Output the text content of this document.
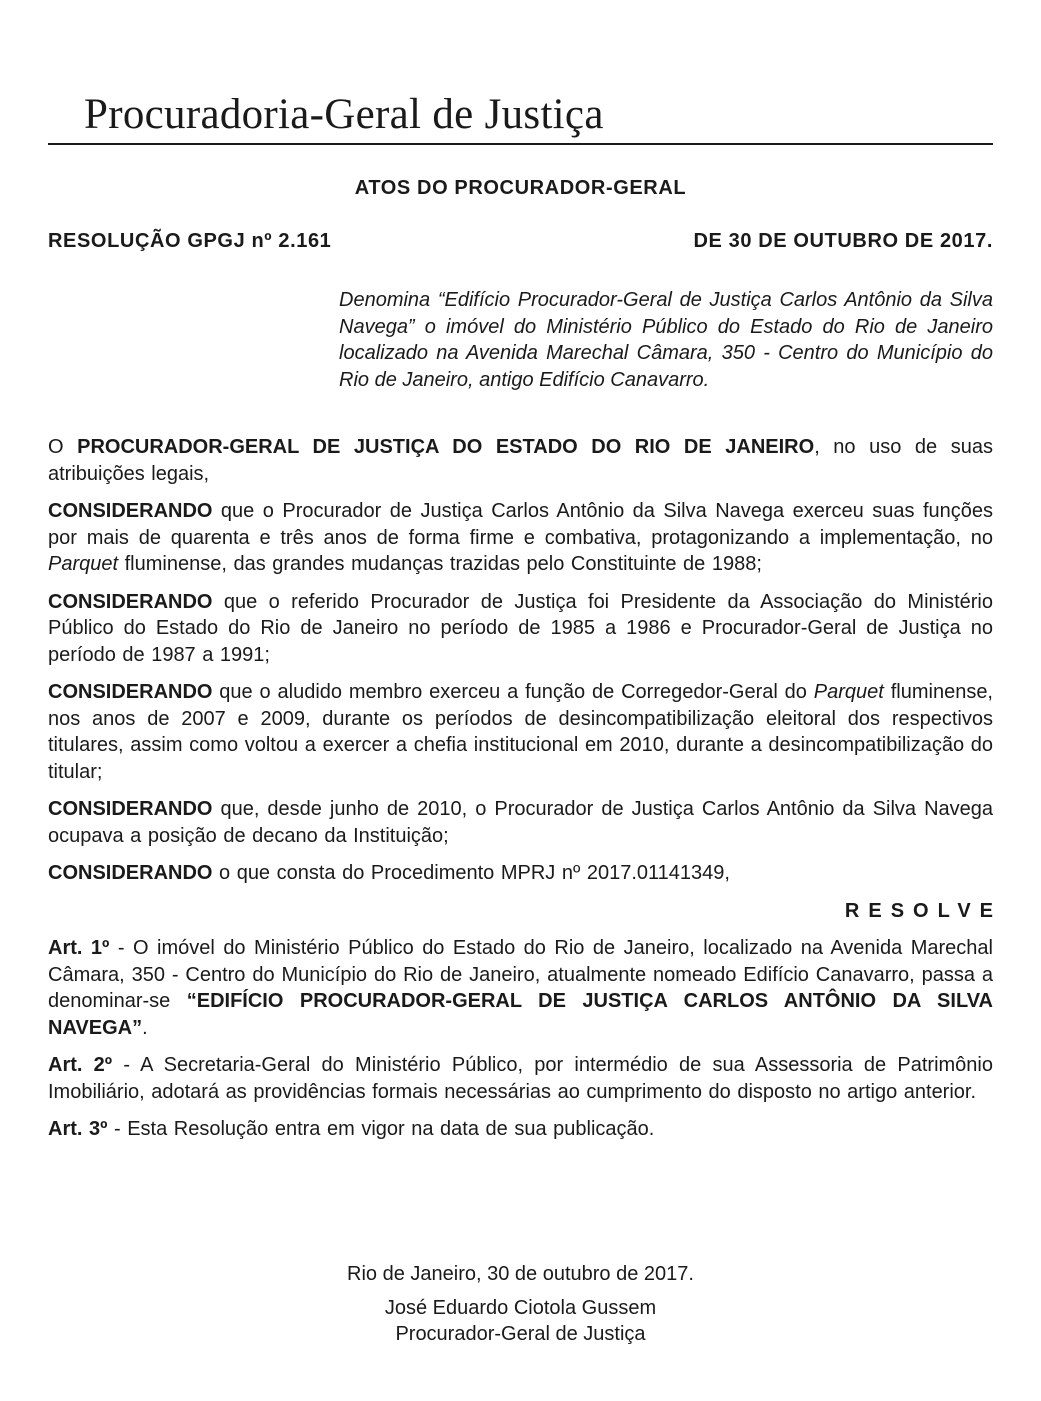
Procuradoria-Geral de Justiça
ATOS DO PROCURADOR-GERAL
RESOLUÇÃO GPGJ nº 2.161	DE 30 DE OUTUBRO DE 2017.

Denomina “Edifício Procurador-Geral de Justiça Carlos Antônio da Silva Navega” o imóvel do Ministério Público do Estado do Rio de Janeiro localizado na Avenida Marechal Câmara, 350 - Centro do Município do Rio de Janeiro, antigo Edifício Canavarro.

O PROCURADOR-GERAL DE JUSTIÇA DO ESTADO DO RIO DE JANEIRO, no uso de suas atribuições legais,

CONSIDERANDO que o Procurador de Justiça Carlos Antônio da Silva Navega exerceu suas funções por mais de quarenta e três anos de forma firme e combativa, protagonizando a implementação, no Parquet fluminense, das grandes mudanças trazidas pelo Constituinte de 1988;

CONSIDERANDO que o referido Procurador de Justiça foi Presidente da Associação do Ministério Público do Estado do Rio de Janeiro no período de 1985 a 1986 e Procurador-Geral de Justiça no período de 1987 a 1991;

CONSIDERANDO que o aludido membro exerceu a função de Corregedor-Geral do Parquet fluminense, nos anos de 2007 e 2009, durante os períodos de desincompatibilização eleitoral dos respectivos titulares, assim como voltou a exercer a chefia institucional em 2010, durante a desincompatibilização do titular;

CONSIDERANDO que, desde junho de 2010, o Procurador de Justiça Carlos Antônio da Silva Navega ocupava a posição de decano da Instituição;

CONSIDERANDO o que consta do Procedimento MPRJ nº 2017.01141349,

RESOLVE

Art. 1º - O imóvel do Ministério Público do Estado do Rio de Janeiro, localizado na Avenida Marechal Câmara, 350 - Centro do Município do Rio de Janeiro, atualmente nomeado Edifício Canavarro, passa a denominar-se “EDIFÍCIO PROCURADOR-GERAL DE JUSTIÇA CARLOS ANTÔNIO DA SILVA NAVEGA”.

Art. 2º - A Secretaria-Geral do Ministério Público, por intermédio de sua Assessoria de Patrimônio Imobiliário, adotará as providências formais necessárias ao cumprimento do disposto no artigo anterior.

Art. 3º - Esta Resolução entra em vigor na data de sua publicação.

Rio de Janeiro, 30 de outubro de 2017.

José Eduardo Ciotola Gussem
Procurador-Geral de Justiça
